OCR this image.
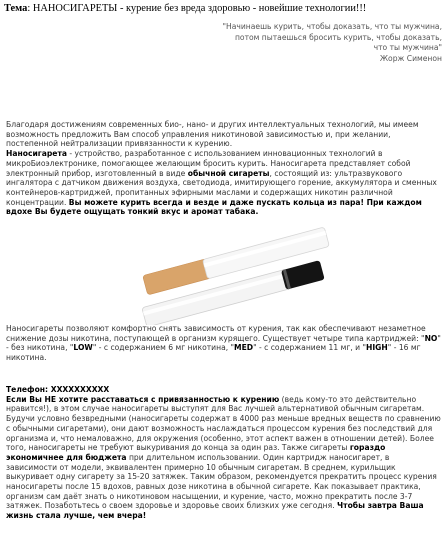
Тема: НАНОСИГАРЕТЫ - курение без вреда здоровью - новейшие технологии!!!
"Начинаешь курить, чтобы доказать, что ты мужчина,
потом пытаешься бросить курить, чтобы доказать,
что ты мужчина"
Жорж Сименон
Благодаря достижениям современных био-, нано- и других интеллектуальных технологий, мы имеем возможность предложить Вам способ управления никотиновой зависимостью и, при желании, постепенной нейтрализации привязанности к курению.
Наносигарета - устройство, разработанное с использованием инновационных технологий в микроБиоэлектронике, помогающее желающим бросить курить. Наносигарета представляет собой электронный прибор, изготовленный в виде обычной сигареты, состоящий из: ультразвукового ингалятора с датчиком движения воздуха, светодиода, имитирующего горение, аккумулятора и сменных контейнеров-картриджей, пропитанных эфирными маслами и содержащих никотин различной концентрации. Вы можете курить всегда и везде и даже пускать кольца из пара! При каждом вдохе Вы будете ощущать тонкий вкус и аромат табака.
Наносигареты позволяют комфортно снять зависимость от курения, так как обеспечивают незаметное снижение дозы никотина, поступающей в организм курящего. Существует четыре типа картриджей: "NO" - без никотина, "LOW" - с содержанием 6 мг никотина, "MED" - с содержанием 11 мг, и "HIGH" - 16 мг никотина.
Телефон: XXXXXXXXXX
Если Вы НЕ хотите расставаться с привязанностью к курению (ведь кому-то это действительно нравится!), в этом случае наносигареты выступят для Вас лучшей альтернативой обычным сигаретам. Будучи условно безвредными (наносигареты содержат в 4000 раз меньше вредных веществ по сравнению с обычными сигаретами), они дают возможность наслаждаться процессом курения без последствий для организма и, что немаловажно, для окружения (особенно, этот аспект важен в отношении детей). Более того, наносигареты не требуют выкуривания до конца за один раз. Также сигареты гораздо экономичнее для бюджета при длительном использовании. Один картридж наносигарет, в зависимости от модели, эквивалентен примерно 10 обычным сигаретам. В среднем, курильщик выкуривает одну сигарету за 15-20 затяжек. Таким образом, рекомендуется прекратить процесс курения наносигареты после 15 вдохов, равных дозе никотина в обычной сигарете. Как показывает практика, организм сам даёт знать о никотиновом насыщении, и курение, часто, можно прекратить после 3-7 затяжек. Позаботьтесь о своем здоровье и здоровье своих близких уже сегодня. Чтобы завтра Ваша жизнь стала лучше, чем вчера!
